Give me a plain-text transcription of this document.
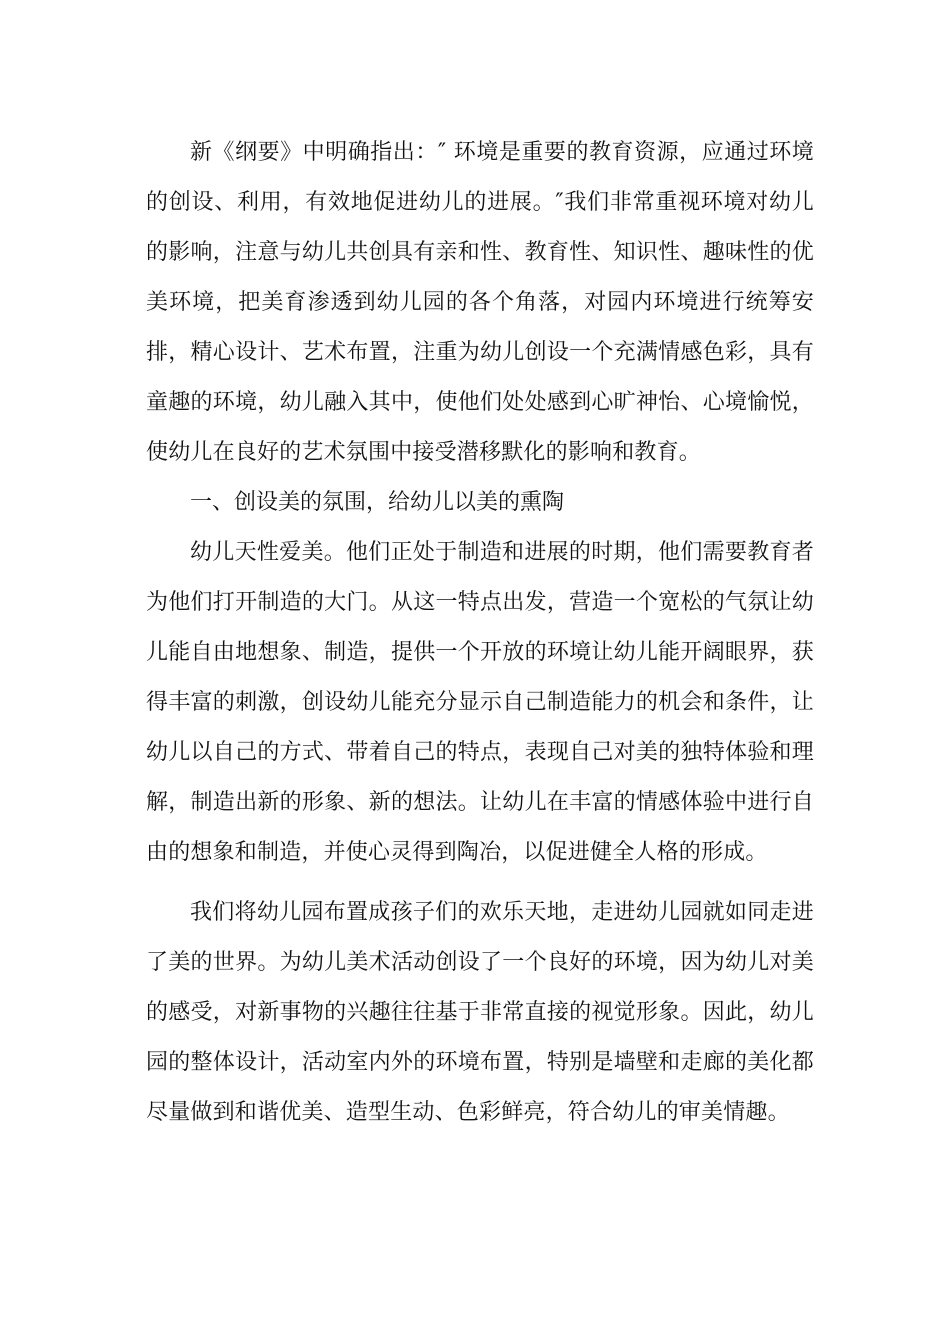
新《纲要》中明确指出：″ 环境是重要的教育资源，应通过环境的创设、利用，有效地促进幼儿的进展。″我们非常重视环境对幼儿的影响，注意与幼儿共创具有亲和性、教育性、知识性、趣味性的优美环境，把美育渗透到幼儿园的各个角落，对园内环境进行统筹安排，精心设计、艺术布置，注重为幼儿创设一个充满情感色彩，具有童趣的环境，幼儿融入其中，使他们处处感到心旷神怡、心境愉悦，使幼儿在良好的艺术氛围中接受潜移默化的影响和教育。

一、创设美的氛围，给幼儿以美的熏陶

幼儿天性爱美。他们正处于制造和进展的时期，他们需要教育者为他们打开制造的大门。从这一特点出发，营造一个宽松的气氛让幼儿能自由地想象、制造，提供一个开放的环境让幼儿能开阔眼界，获得丰富的刺激，创设幼儿能充分显示自己制造能力的机会和条件，让幼儿以自己的方式、带着自己的特点，表现自己对美的独特体验和理解，制造出新的形象、新的想法。让幼儿在丰富的情感体验中进行自由的想象和制造，并使心灵得到陶冶，以促进健全人格的形成。

我们将幼儿园布置成孩子们的欢乐天地，走进幼儿园就如同走进了美的世界。为幼儿美术活动创设了一个良好的环境，因为幼儿对美的感受，对新事物的兴趣往往基于非常直接的视觉形象。因此，幼儿园的整体设计，活动室内外的环境布置，特别是墙壁和走廊的美化都尽量做到和谐优美、造型生动、色彩鲜亮，符合幼儿的审美情趣。
